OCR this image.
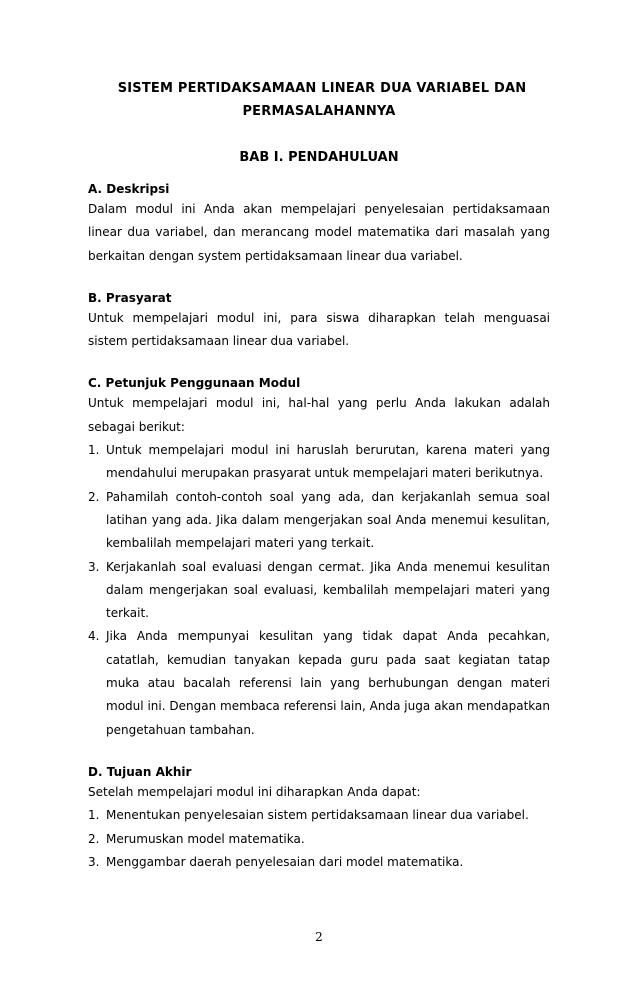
SISTEM PERTIDAKSAMAAN LINEAR DUA VARIABEL DAN

PERMASALAHANNYA

BAB I. PENDAHULUAN

A. Deskripsi

Dalam modul ini Anda akan mempelajari penyelesaian pertidaksamaan linear dua variabel, dan merancang model matematika dari masalah yang berkaitan dengan system pertidaksamaan linear dua variabel.

B. Prasyarat

Untuk mempelajari modul ini, para siswa diharapkan telah menguasai sistem pertidaksamaan linear dua variabel.

C. Petunjuk Penggunaan Modul

Untuk mempelajari modul ini, hal-hal yang perlu Anda lakukan adalah sebagai berikut:

1. Untuk mempelajari modul ini haruslah berurutan, karena materi yang mendahului merupakan prasyarat untuk mempelajari materi berikutnya.
2. Pahamilah contoh-contoh soal yang ada, dan kerjakanlah semua soal latihan yang ada. Jika dalam mengerjakan soal Anda menemui kesulitan, kembalilah mempelajari materi yang terkait.
3. Kerjakanlah soal evaluasi dengan cermat. Jika Anda menemui kesulitan dalam mengerjakan soal evaluasi, kembalilah mempelajari materi yang terkait.
4. Jika Anda mempunyai kesulitan yang tidak dapat Anda pecahkan, catatlah, kemudian tanyakan kepada guru pada saat kegiatan tatap muka atau bacalah referensi lain yang berhubungan dengan materi modul ini. Dengan membaca referensi lain, Anda juga akan mendapatkan pengetahuan tambahan.

D. Tujuan Akhir

Setelah mempelajari modul ini diharapkan Anda dapat:

1. Menentukan penyelesaian sistem pertidaksamaan linear dua variabel.
2. Merumuskan model matematika.
3. Menggambar daerah penyelesaian dari model matematika.
2
